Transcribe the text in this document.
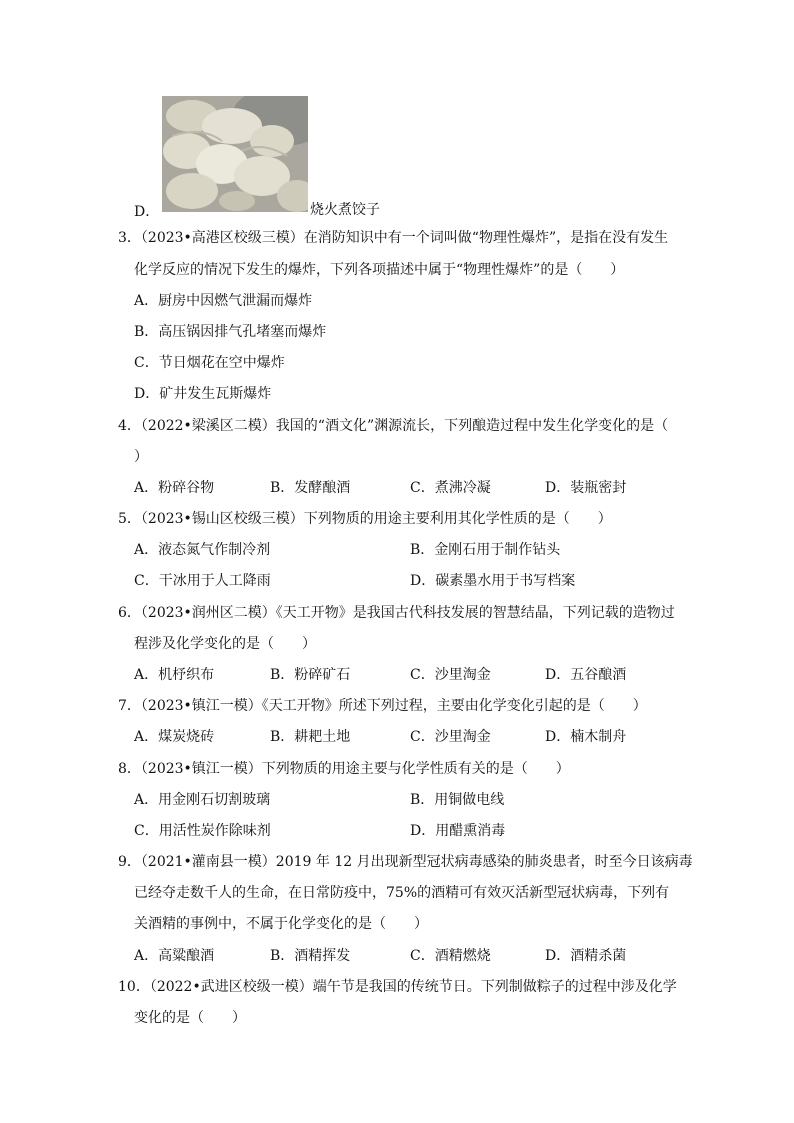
D．	烧火煮饺子
3．（2023•高港区校级三模）在消防知识中有一个词叫做“物理性爆炸”，是指在没有发生
化学反应的情况下发生的爆炸，下列各项描述中属于“物理性爆炸”的是（　　）
A．厨房中因燃气泄漏而爆炸
B．高压锅因排气孔堵塞而爆炸
C．节日烟花在空中爆炸
D．矿井发生瓦斯爆炸
4．（2022•梁溪区二模）我国的“酒文化”渊源流长，下列酿造过程中发生化学变化的是（
）
A．粉碎谷物	B．发酵酿酒	C．煮沸冷凝	D．装瓶密封
5．（2023•锡山区校级三模）下列物质的用途主要利用其化学性质的是（　　）
A．液态氮气作制冷剂	B．金刚石用于制作钻头
C．干冰用于人工降雨	D．碳素墨水用于书写档案
6．（2023•润州区二模）《天工开物》是我国古代科技发展的智慧结晶，下列记载的造物过
程涉及化学变化的是（　　）
A．机杼织布	B．粉碎矿石	C．沙里淘金	D．五谷酿酒
7．（2023•镇江一模）《天工开物》所述下列过程，主要由化学变化引起的是（　　）
A．煤炭烧砖	B．耕耙土地	C．沙里淘金	D．楠木制舟
8．（2023•镇江一模）下列物质的用途主要与化学性质有关的是（　　）
A．用金刚石切割玻璃	B．用铜做电线
C．用活性炭作除味剂	D．用醋熏消毒
9．（2021•灌南县一模）2019 年 12 月出现新型冠状病毒感染的肺炎患者，时至今日该病毒
已经夺走数千人的生命，在日常防疫中，75%的酒精可有效灭活新型冠状病毒，下列有
关酒精的事例中，不属于化学变化的是（　　）
A．高粱酿酒	B．酒精挥发	C．酒精燃烧	D．酒精杀菌
10．（2022•武进区校级一模）端午节是我国的传统节日。下列制做粽子的过程中涉及化学
变化的是（　　）
